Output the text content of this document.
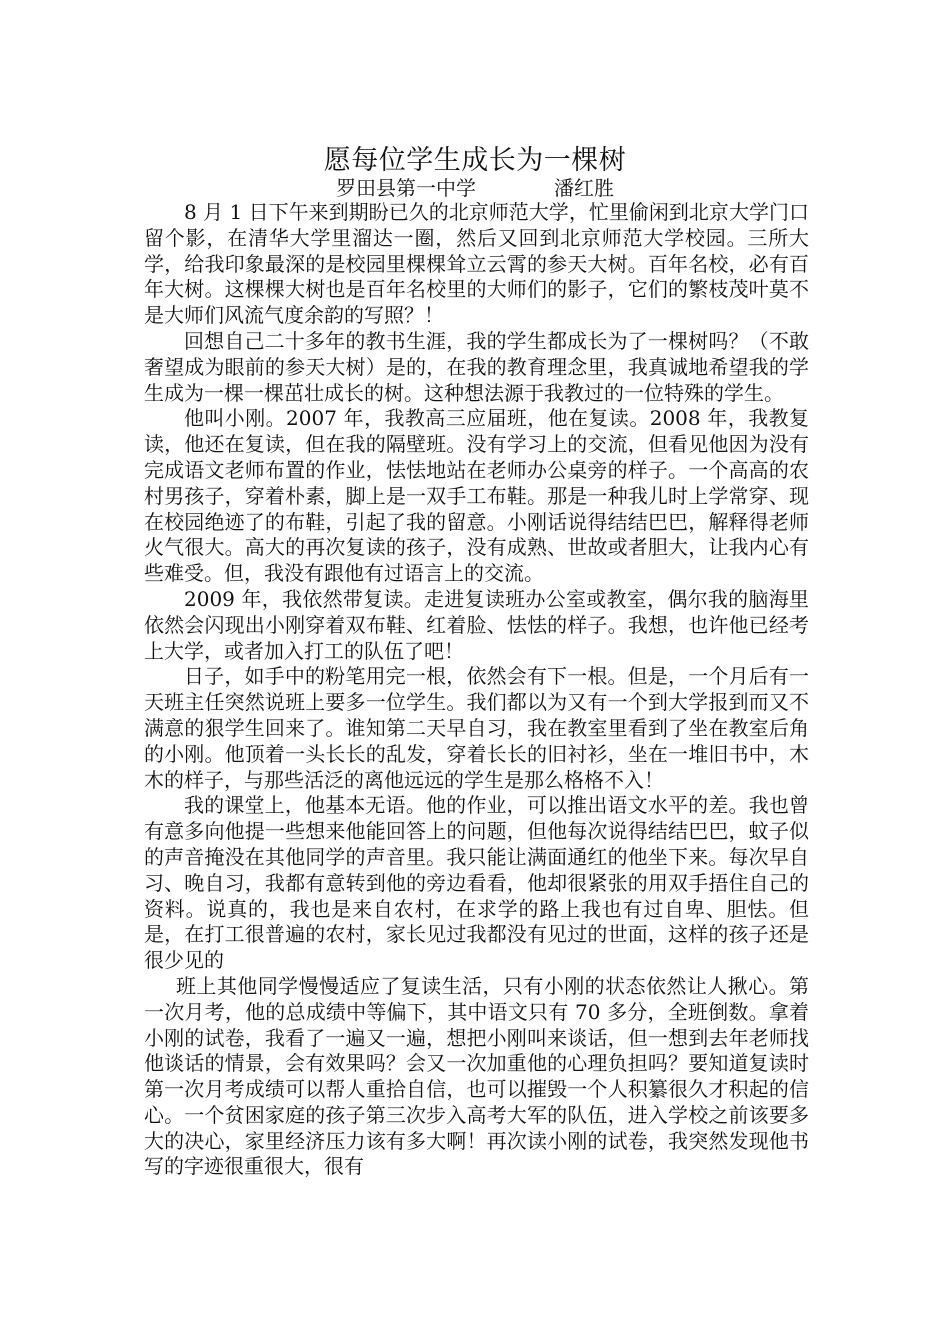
愿每位学生成长为一棵树
罗田县第一中学	潘红胜

8 月 1 日下午来到期盼已久的北京师范大学，忙里偷闲到北京大学门口留个影，在清华大学里溜达一圈，然后又回到北京师范大学校园。三所大学，给我印象最深的是校园里棵棵耸立云霄的参天大树。百年名校，必有百年大树。这棵棵大树也是百年名校里的大师们的影子，它们的繁枝茂叶莫不是大师们风流气度余韵的写照？！

回想自己二十多年的教书生涯，我的学生都成长为了一棵树吗？（不敢奢望成为眼前的参天大树）是的，在我的教育理念里，我真诚地希望我的学生成为一棵一棵茁壮成长的树。这种想法源于我教过的一位特殊的学生。

他叫小刚。2007 年，我教高三应届班，他在复读。2008 年，我教复读，他还在复读，但在我的隔壁班。没有学习上的交流，但看见他因为没有完成语文老师布置的作业，怯怯地站在老师办公桌旁的样子。一个高高的农村男孩子，穿着朴素，脚上是一双手工布鞋。那是一种我儿时上学常穿、现在校园绝迹了的布鞋，引起了我的留意。小刚话说得结结巴巴，解释得老师火气很大。高大的再次复读的孩子，没有成熟、世故或者胆大，让我内心有些难受。但，我没有跟他有过语言上的交流。

2009 年，我依然带复读。走进复读班办公室或教室，偶尔我的脑海里依然会闪现出小刚穿着双布鞋、红着脸、怯怯的样子。我想，也许他已经考上大学，或者加入打工的队伍了吧！

日子，如手中的粉笔用完一根，依然会有下一根。但是，一个月后有一天班主任突然说班上要多一位学生。我们都以为又有一个到大学报到而又不满意的狠学生回来了。谁知第二天早自习，我在教室里看到了坐在教室后角的小刚。他顶着一头长长的乱发，穿着长长的旧衬衫，坐在一堆旧书中，木木的样子，与那些活泛的离他远远的学生是那么格格不入！

我的课堂上，他基本无语。他的作业，可以推出语文水平的差。我也曾有意多向他提一些想来他能回答上的问题，但他每次说得结结巴巴，蚊子似的声音掩没在其他同学的声音里。我只能让满面通红的他坐下来。每次早自习、晚自习，我都有意转到他的旁边看看，他却很紧张的用双手捂住自己的资料。说真的，我也是来自农村，在求学的路上我也有过自卑、胆怯。但是，在打工很普遍的农村，家长见过我都没有见过的世面，这样的孩子还是很少见的

班上其他同学慢慢适应了复读生活，只有小刚的状态依然让人揪心。第一次月考，他的总成绩中等偏下，其中语文只有 70 多分，全班倒数。拿着小刚的试卷，我看了一遍又一遍，想把小刚叫来谈话，但一想到去年老师找他谈话的情景，会有效果吗？会又一次加重他的心理负担吗？要知道复读时第一次月考成绩可以帮人重拾自信，也可以摧毁一个人积纂很久才积起的信心。一个贫困家庭的孩子第三次步入高考大军的队伍，进入学校之前该要多大的决心，家里经济压力该有多大啊！再次读小刚的试卷，我突然发现他书写的字迹很重很大，很有
